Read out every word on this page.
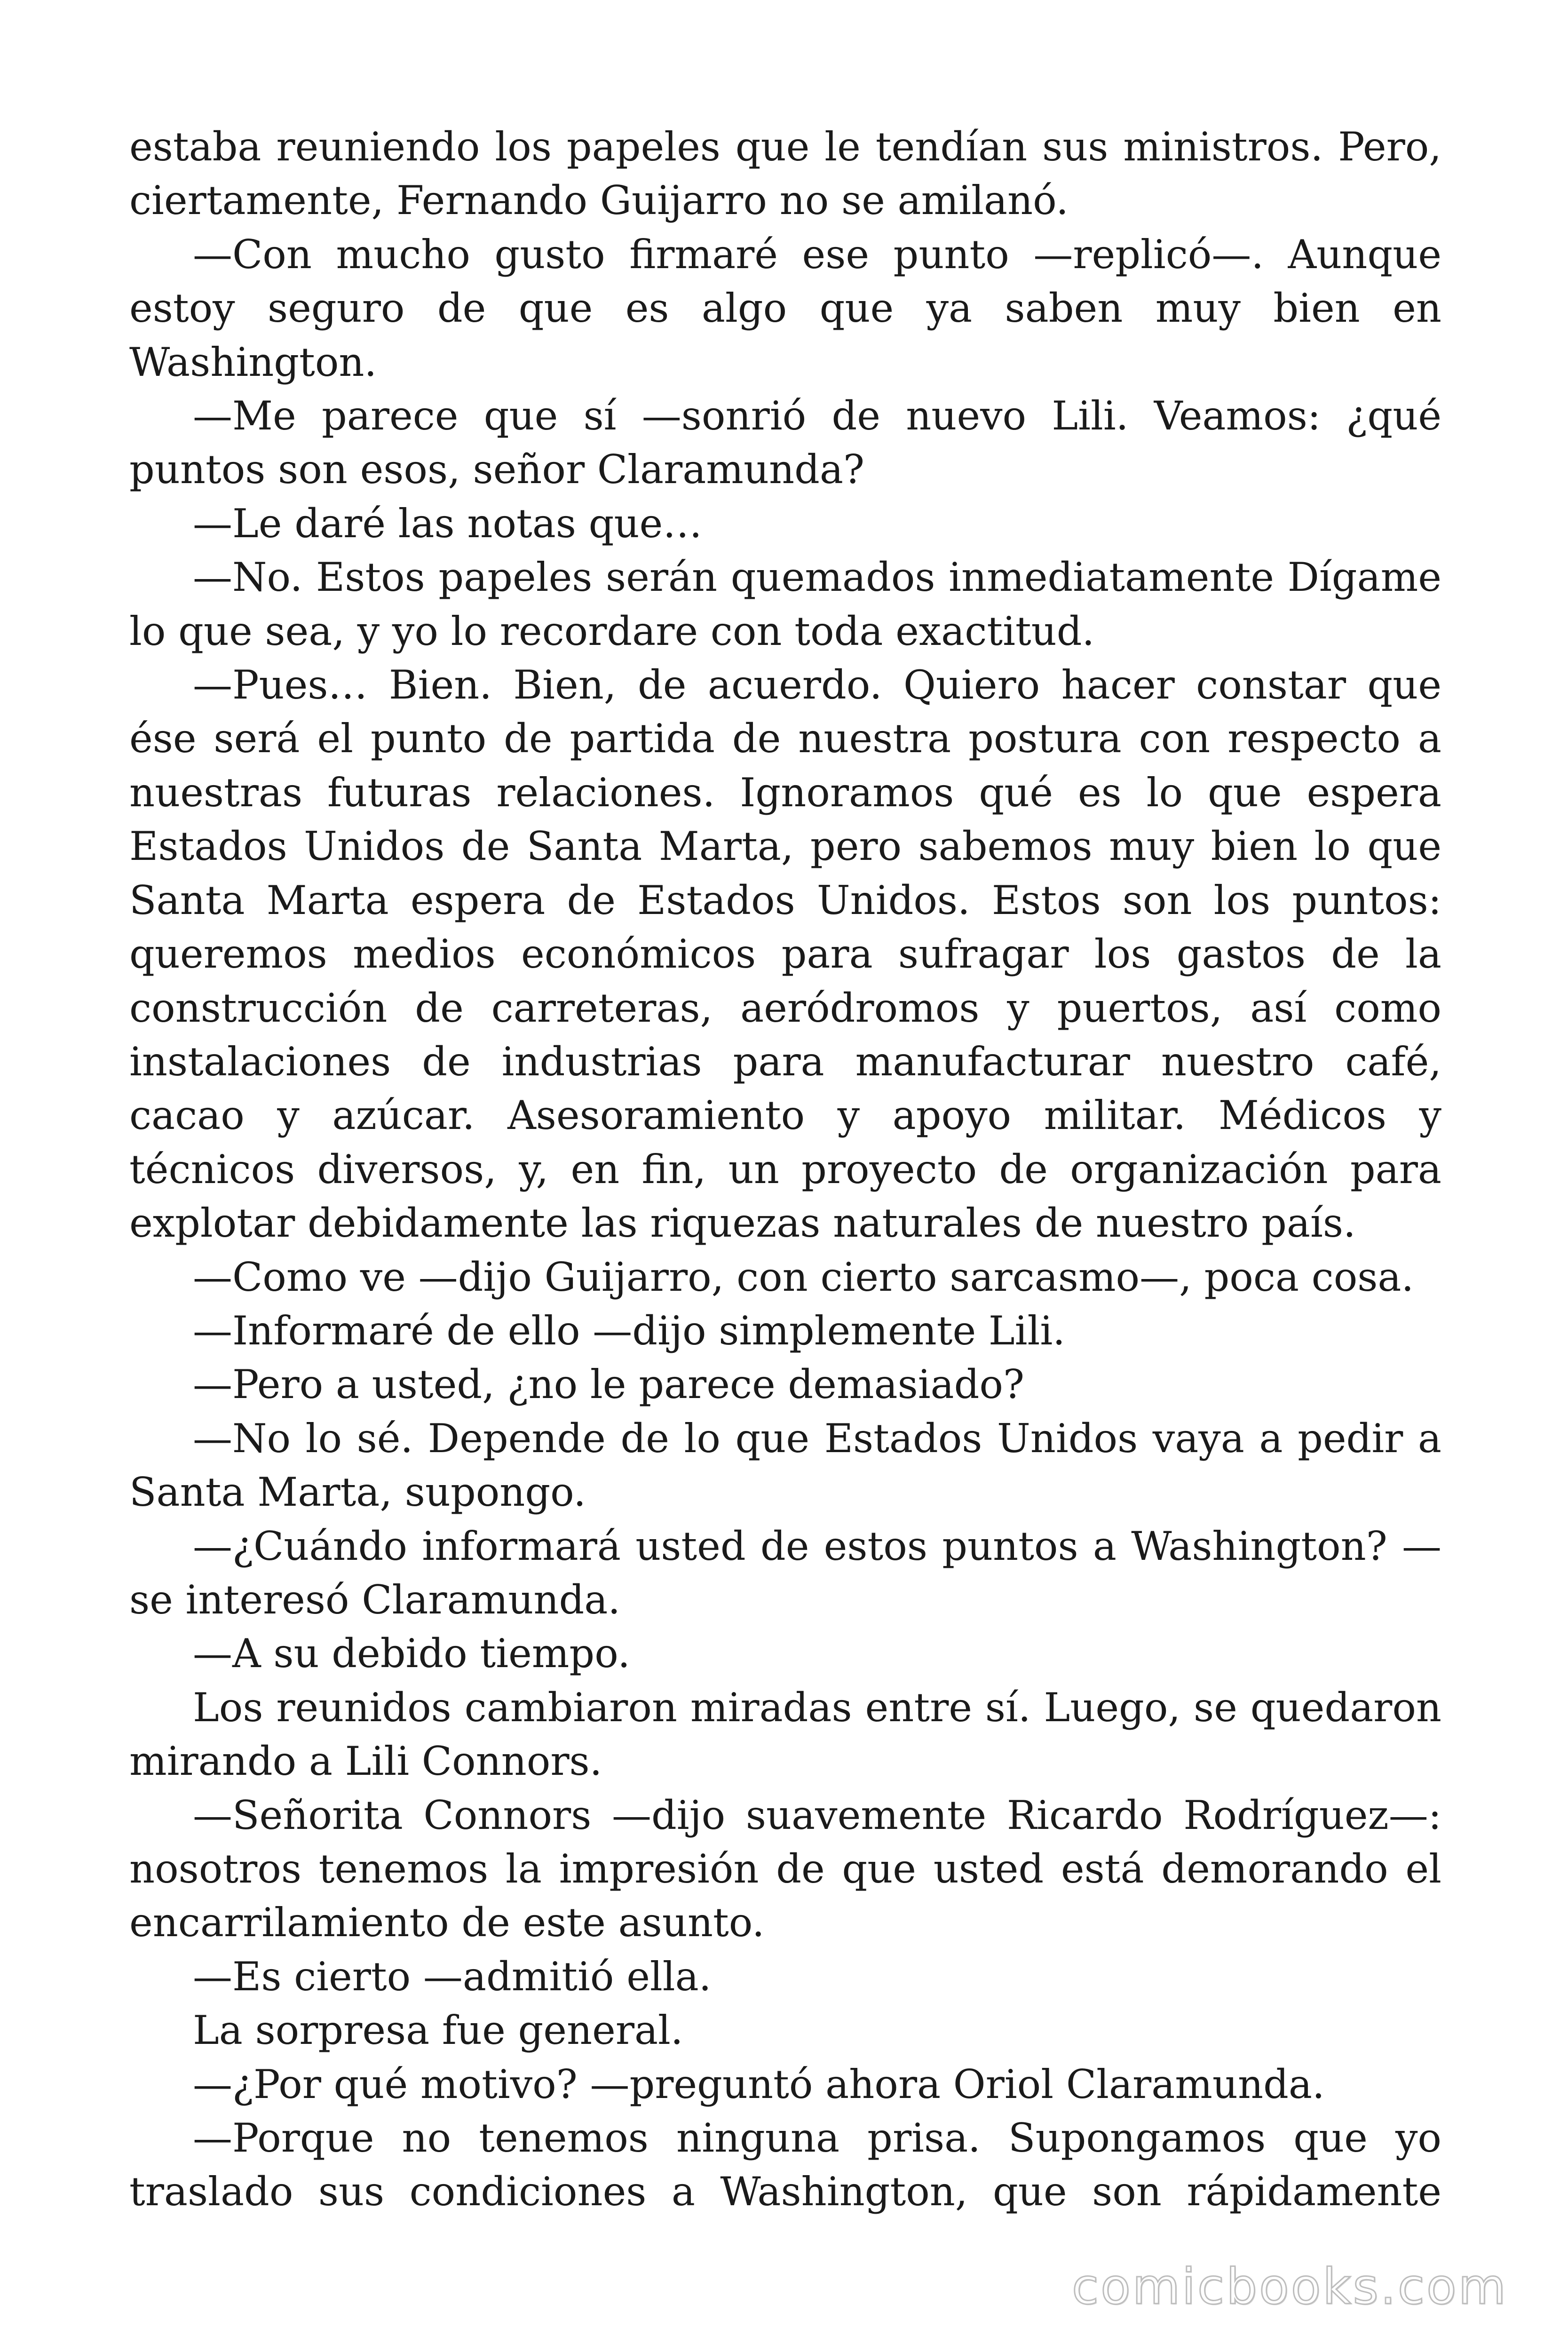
estaba reuniendo los papeles que le tendían sus ministros. Pero, ciertamente, Fernando Guijarro no se amilanó.

—Con mucho gusto firmaré ese punto —replicó—. Aunque estoy seguro de que es algo que ya saben muy bien en Washington.

—Me parece que sí —sonrió de nuevo Lili. Veamos: ¿qué puntos son esos, señor Claramunda?

—Le daré las notas que…

—No. Estos papeles serán quemados inmediatamente Dígame lo que sea, y yo lo recordare con toda exactitud.

—Pues… Bien. Bien, de acuerdo. Quiero hacer constar que ése será el punto de partida de nuestra postura con respecto a nuestras futuras relaciones. Ignoramos qué es lo que espera Estados Unidos de Santa Marta, pero sabemos muy bien lo que Santa Marta espera de Estados Unidos. Estos son los puntos: queremos medios económicos para sufragar los gastos de la construcción de carreteras, aeródromos y puertos, así como instalaciones de industrias para manufacturar nuestro café, cacao y azúcar. Asesoramiento y apoyo militar. Médicos y técnicos diversos, y, en fin, un proyecto de organización para explotar debidamente las riquezas naturales de nuestro país.

—Como ve —dijo Guijarro, con cierto sarcasmo—, poca cosa.

—Informaré de ello —dijo simplemente Lili.

—Pero a usted, ¿no le parece demasiado?

—No lo sé. Depende de lo que Estados Unidos vaya a pedir a Santa Marta, supongo.

—¿Cuándo informará usted de estos puntos a Washington? —se interesó Claramunda.

—A su debido tiempo.

Los reunidos cambiaron miradas entre sí. Luego, se quedaron mirando a Lili Connors.

—Señorita Connors —dijo suavemente Ricardo Rodríguez—: nosotros tenemos la impresión de que usted está demorando el encarrilamiento de este asunto.

—Es cierto —admitió ella.

La sorpresa fue general.

—¿Por qué motivo? —preguntó ahora Oriol Claramunda.

—Porque no tenemos ninguna prisa. Supongamos que yo traslado sus condiciones a Washington, que son rápidamente

comicbooks.com
